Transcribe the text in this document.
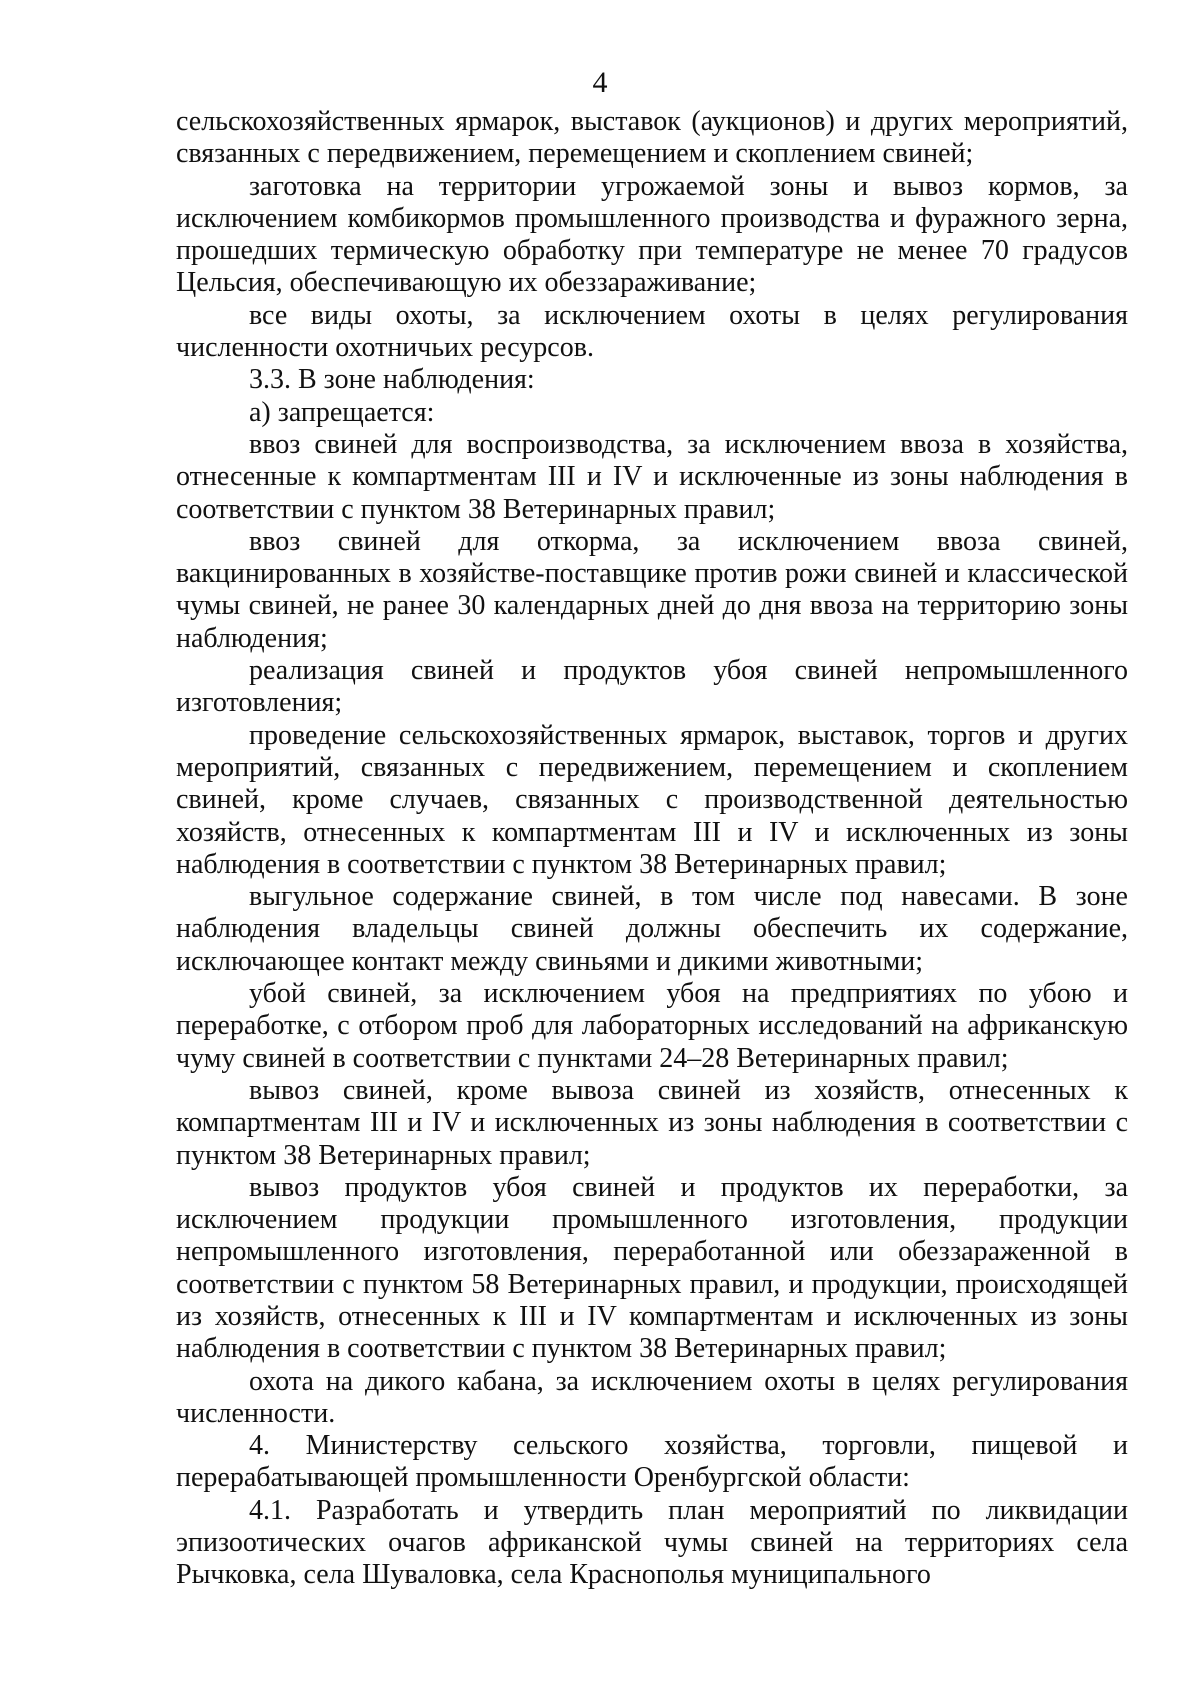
4

сельскохозяйственных ярмарок, выставок (аукционов) и других мероприятий, связанных с передвижением, перемещением и скоплением свиней;

заготовка на территории угрожаемой зоны и вывоз кормов, за исключением комбикормов промышленного производства и фуражного зерна, прошедших термическую обработку при температуре не менее 70 градусов Цельсия, обеспечивающую их обеззараживание;

все виды охоты, за исключением охоты в целях регулирования численности охотничьих ресурсов.

3.3. В зоне наблюдения:

а) запрещается:

ввоз свиней для воспроизводства, за исключением ввоза в хозяйства, отнесенные к компартментам III и IV и исключенные из зоны наблюдения в соответствии с пунктом 38 Ветеринарных правил;

ввоз свиней для откорма, за исключением ввоза свиней, вакцинированных в хозяйстве-поставщике против рожи свиней и классической чумы свиней, не ранее 30 календарных дней до дня ввоза на территорию зоны наблюдения;

реализация свиней и продуктов убоя свиней непромышленного изготовления;

проведение сельскохозяйственных ярмарок, выставок, торгов и других мероприятий, связанных с передвижением, перемещением и скоплением свиней, кроме случаев, связанных с производственной деятельностью хозяйств, отнесенных к компартментам III и IV и исключенных из зоны наблюдения в соответствии с пунктом 38 Ветеринарных правил;

выгульное содержание свиней, в том числе под навесами. В зоне наблюдения владельцы свиней должны обеспечить их содержание, исключающее контакт между свиньями и дикими животными;

убой свиней, за исключением убоя на предприятиях по убою и переработке, с отбором проб для лабораторных исследований на африканскую чуму свиней в соответствии с пунктами 24–28 Ветеринарных правил;

вывоз свиней, кроме вывоза свиней из хозяйств, отнесенных к компартментам III и IV и исключенных из зоны наблюдения в соответствии с пунктом 38 Ветеринарных правил;

вывоз продуктов убоя свиней и продуктов их переработки, за исключением продукции промышленного изготовления, продукции непромышленного изготовления, переработанной или обеззараженной в соответствии с пунктом 58 Ветеринарных правил, и продукции, происходящей из хозяйств, отнесенных к III и IV компартментам и исключенных из зоны наблюдения в соответствии с пунктом 38 Ветеринарных правил;

охота на дикого кабана, за исключением охоты в целях регулирования численности.

4. Министерству сельского хозяйства, торговли, пищевой и перерабатывающей промышленности Оренбургской области:

4.1. Разработать и утвердить план мероприятий по ликвидации эпизоотических очагов африканской чумы свиней на территориях села Рычковка, села Шуваловка, села Краснополья муниципального
